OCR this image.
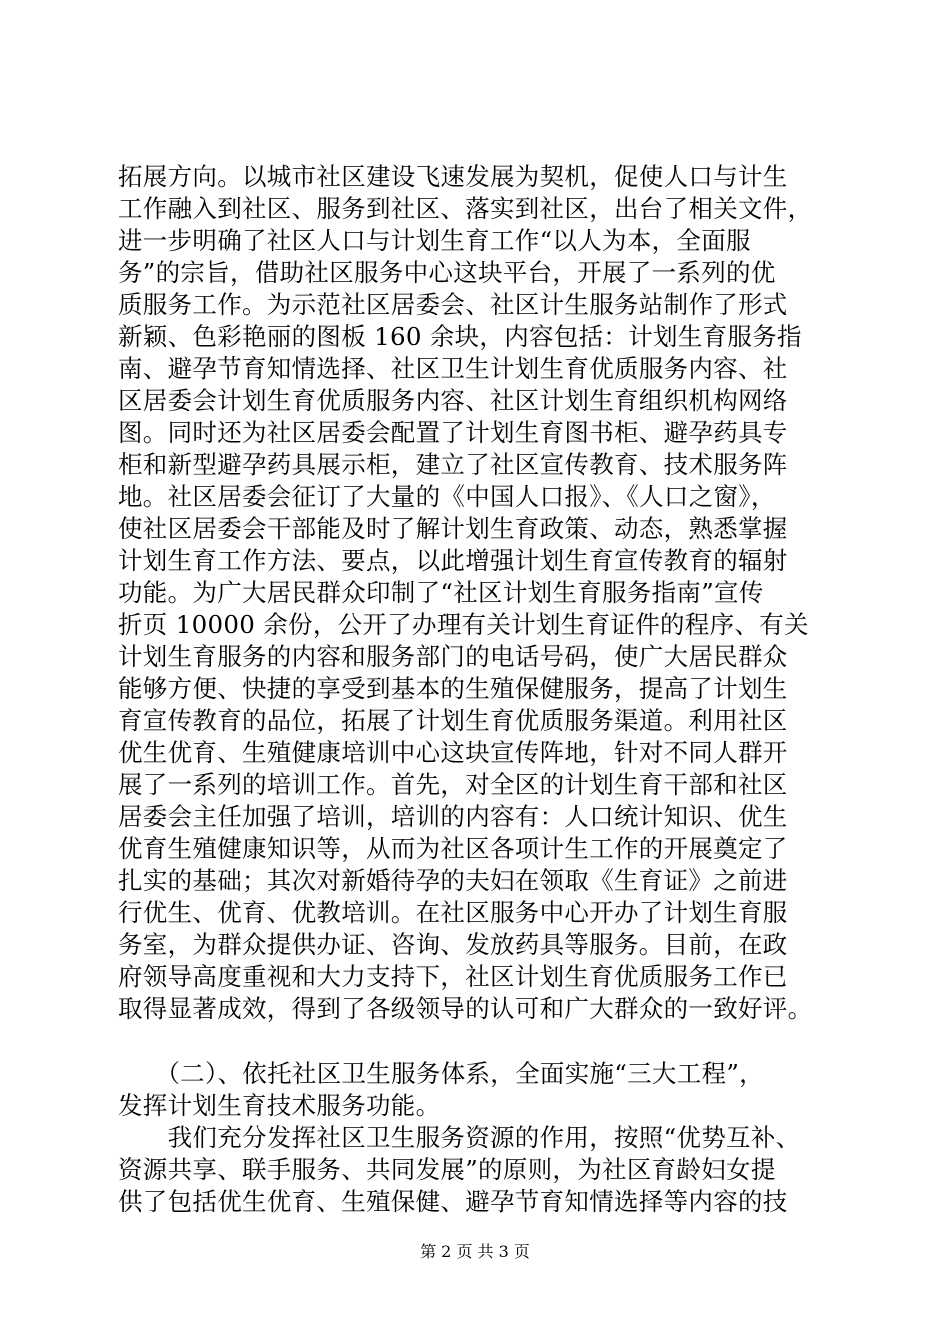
拓展方向。以城市社区建设飞速发展为契机，促使人口与计生
工作融入到社区、服务到社区、落实到社区，出台了相关文件，
进一步明确了社区人口与计划生育工作“以人为本，全面服
务”的宗旨，借助社区服务中心这块平台，开展了一系列的优
质服务工作。为示范社区居委会、社区计生服务站制作了形式
新颖、色彩艳丽的图板 160 余块，内容包括：计划生育服务指
南、避孕节育知情选择、社区卫生计划生育优质服务内容、社
区居委会计划生育优质服务内容、社区计划生育组织机构网络
图。同时还为社区居委会配置了计划生育图书柜、避孕药具专
柜和新型避孕药具展示柜，建立了社区宣传教育、技术服务阵
地。社区居委会征订了大量的《中国人口报》、《人口之窗》，
使社区居委会干部能及时了解计划生育政策、动态，熟悉掌握
计划生育工作方法、要点，以此增强计划生育宣传教育的辐射
功能。为广大居民群众印制了“社区计划生育服务指南”宣传
折页 10000 余份，公开了办理有关计划生育证件的程序、有关
计划生育服务的内容和服务部门的电话号码，使广大居民群众
能够方便、快捷的享受到基本的生殖保健服务，提高了计划生
育宣传教育的品位，拓展了计划生育优质服务渠道。利用社区
优生优育、生殖健康培训中心这块宣传阵地，针对不同人群开
展了一系列的培训工作。首先，对全区的计划生育干部和社区
居委会主任加强了培训，培训的内容有：人口统计知识、优生
优育生殖健康知识等，从而为社区各项计生工作的开展奠定了
扎实的基础；其次对新婚待孕的夫妇在领取《生育证》之前进
行优生、优育、优教培训。在社区服务中心开办了计划生育服
务室，为群众提供办证、咨询、发放药具等服务。目前，在政
府领导高度重视和大力支持下，社区计划生育优质服务工作已
取得显著成效，得到了各级领导的认可和广大群众的一致好评。
　　（二）、依托社区卫生服务体系，全面实施“三大工程”，
发挥计划生育技术服务功能。
　　我们充分发挥社区卫生服务资源的作用，按照“优势互补、
资源共享、联手服务、共同发展”的原则，为社区育龄妇女提
供了包括优生优育、生殖保健、避孕节育知情选择等内容的技
第 2 页 共 3 页
